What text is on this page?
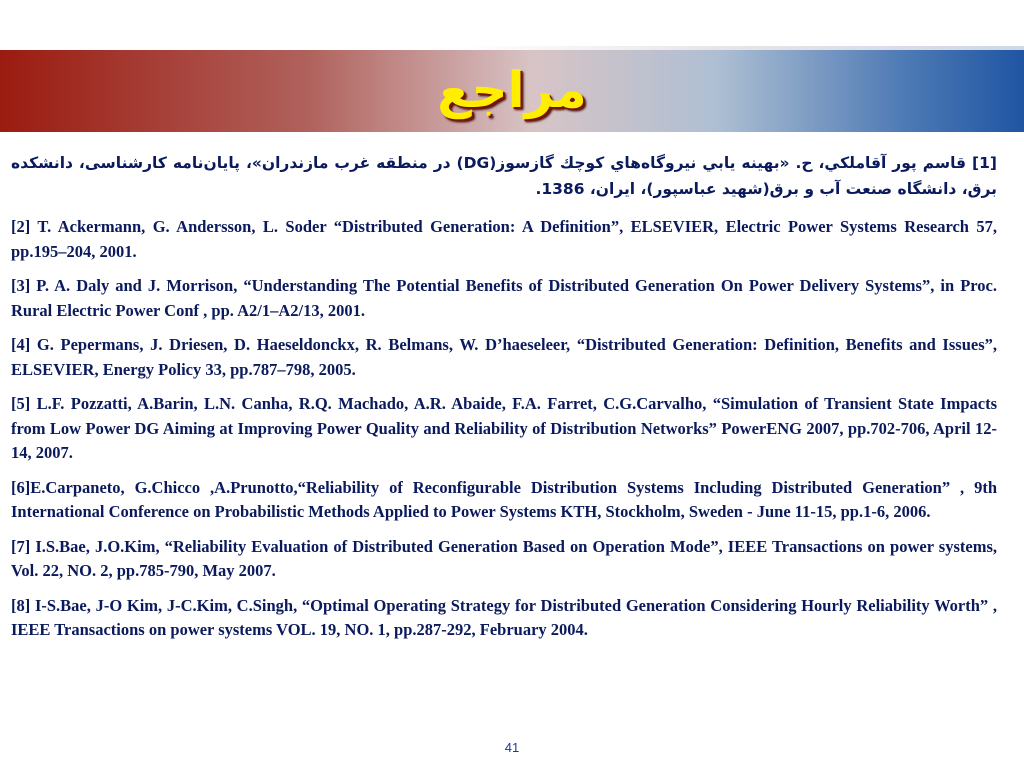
مراجع

[1] قاسم پور آقاملكي، ح. «بهينه يابي نيروگاه‌هاي كوچك گازسوز(DG) در منطقه غرب مازندران»، پايان‌نامه كارشناسى، دانشكده برق، دانشگاه صنعت آب و برق(شهيد عباسپور)، ايران، 1386.

[2] T. Ackermann, G. Andersson, L. Soder “Distributed Generation: A Definition”, ELSEVIER, Electric Power Systems Research 57, pp.195–204, 2001.

[3] P. A. Daly and J. Morrison, “Understanding The Potential Benefits of Distributed Generation On Power Delivery Systems”, in Proc. Rural Electric Power Conf , pp. A2/1–A2/13, 2001.

[4] G. Pepermans, J. Driesen, D. Haeseldonckx, R. Belmans, W. D’haeseleer, “Distributed Generation: Definition, Benefits and Issues”, ELSEVIER, Energy Policy 33, pp.787–798, 2005.

[5] L.F. Pozzatti, A.Barin, L.N. Canha, R.Q. Machado, A.R. Abaide, F.A. Farret, C.G.Carvalho, “Simulation of Transient State Impacts from Low Power DG Aiming at Improving Power Quality and Reliability of Distribution Networks” PowerENG 2007, pp.702-706, April 12-14, 2007.

[6]E.Carpaneto, G.Chicco ,A.Prunotto,“Reliability of Reconfigurable Distribution Systems Including Distributed Generation” , 9th International Conference on Probabilistic Methods Applied to Power Systems KTH, Stockholm, Sweden - June 11-15, pp.1-6, 2006.

[7] I.S.Bae, J.O.Kim, “Reliability Evaluation of Distributed Generation Based on Operation Mode”, IEEE Transactions on power systems, Vol. 22, NO. 2, pp.785-790, May 2007.

[8] I-S.Bae, J-O Kim, J-C.Kim, C.Singh, “Optimal Operating Strategy for Distributed Generation Considering Hourly Reliability Worth” , IEEE Transactions on power systems VOL. 19, NO. 1, pp.287-292, February 2004.

41
